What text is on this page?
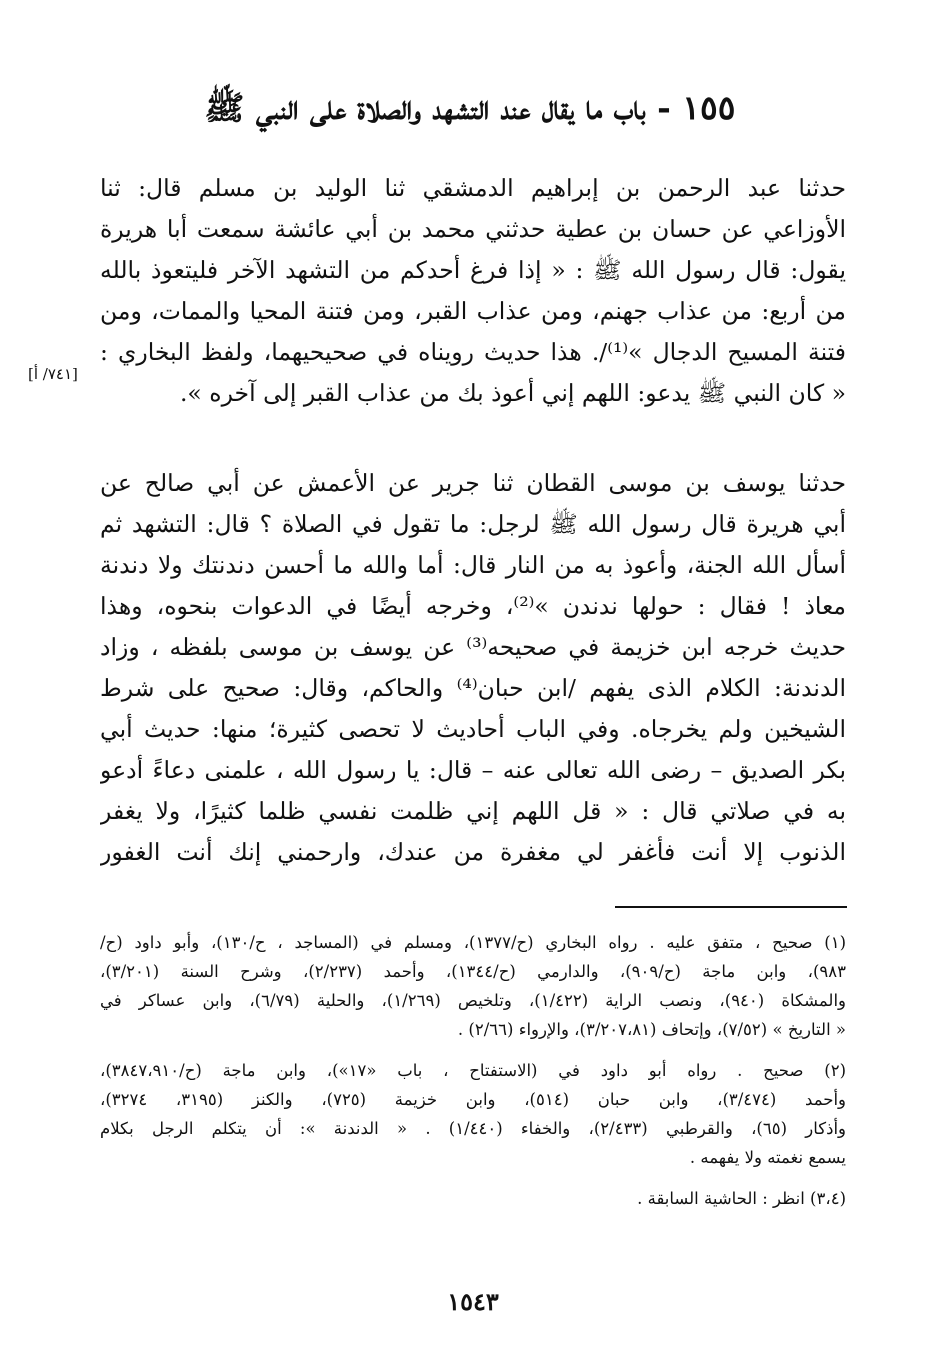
١٥٥ - باب ما يقال عند التشهد والصلاة على النبي ﷺ
حدثنا عبد الرحمن بن إبراهيم الدمشقي ثنا الوليد بن مسلم قال: ثنا
الأوزاعي عن حسان بن عطية حدثني محمد بن أبي عائشة سمعت أبا هريرة
يقول: قال رسول الله ﷺ : « إذا فرغ أحدكم من التشهد الآخر فليتعوذ بالله
من أربع: من عذاب جهنم، ومن عذاب القبر، ومن فتنة المحيا والممات، ومن
فتنة المسيح الدجال »⁽¹⁾/. هذا حديث رويناه في صحيحيهما، ولفظ البخاري :
« كان النبي ﷺ يدعو: اللهم إني أعوذ بك من عذاب القبر إلى آخره ».
[٧٤١/ أ]
حدثنا يوسف بن موسى القطان ثنا جرير عن الأعمش عن أبي صالح عن
أبي هريرة قال رسول الله ﷺ لرجل: ما تقول في الصلاة ؟ قال: التشهد ثم
أسأل الله الجنة، وأعوذ به من النار قال: أما والله ما أحسن دندنتك ولا دندنة
معاذ ! فقال : حولها ندندن »⁽²⁾، وخرجه أيضًا في الدعوات بنحوه، وهذا
حديث خرجه ابن خزيمة في صحيحه⁽³⁾ عن يوسف بن موسى بلفظه ، وزاد
الدندنة: الكلام الذى يفهم /ابن حبان⁽⁴⁾ والحاكم، وقال: صحيح على شرط
الشيخين ولم يخرجاه. وفي الباب أحاديث لا تحصى كثيرة؛ منها: حديث أبي
بكر الصديق – رضى الله تعالى عنه – قال: يا رسول الله ، علمنى دعاءً أدعو
به في صلاتي قال : « قل اللهم إني ظلمت نفسي ظلما كثيرًا، ولا يغفر
الذنوب إلا أنت فأغفر لي مغفرة من عندك، وارحمني إنك أنت الغفور
(١) صحيح ، متفق عليه . رواه البخاري (ح/١٣٧٧)، ومسلم في (المساجد ، ح/١٣٠)، وأبو داود (ح/
٩٨٣)، وابن ماجة (ح/٩٠٩)، والدارمي (ح/١٣٤٤)، وأحمد (٢/٢٣٧)، وشرح السنة (٣/٢٠١)،
والمشكاة (٩٤٠)، ونصب الراية (١/٤٢٢)، وتلخيص (١/٢٦٩)، والحلية (٦/٧٩)، وابن عساكر في
« التاريخ » (٧/٥٢)، وإتحاف (٣/٢٠٧،٨١)، والإرواء (٢/٦٦) .
(٢) صحيح . رواه أبو داود في (الاستفتاح ، باب «١٧»)، وابن ماجة (ح/٣٨٤٧،٩١٠)،
وأحمد (٣/٤٧٤)، وابن حبان (٥١٤)، وابن خزيمة (٧٢٥)، والكنز (٣١٩٥، ٣٢٧٤)،
وأذكار (٦٥)، والقرطبي (٢/٤٣٣)، والخفاء (١/٤٤٠) . « الدندنة »: أن يتكلم الرجل بكلام
يسمع نغمته ولا يفهمه .
(٣،٤) انظر : الحاشية السابقة .
١٥٤٣
